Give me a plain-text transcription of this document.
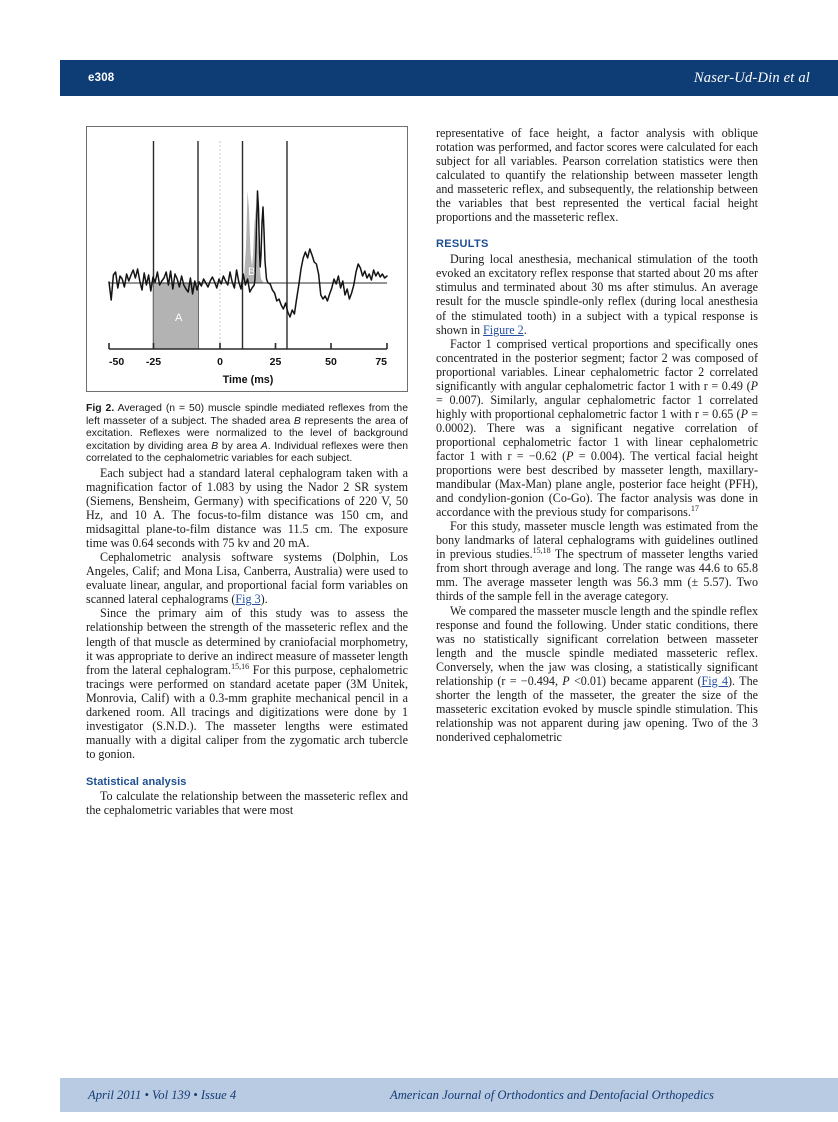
e308	Naser-Ud-Din et al
A
B
-50 -25	0	25	50	75
Time (ms)
Fig 2. Averaged (n = 50) muscle spindle mediated reflexes from the left masseter of a subject. The shaded area B represents the area of excitation. Reflexes were normalized to the level of background excitation by dividing area B by area A. Individual reflexes were then correlated to the cephalometric variables for each subject.

Each subject had a standard lateral cephalogram taken with a magnification factor of 1.083 by using the Nador 2 SR system (Siemens, Bensheim, Germany) with specifications of 220 V, 50 Hz, and 10 A. The focus-to-film distance was 150 cm, and midsagittal plane-to-film distance was 11.5 cm. The exposure time was 0.64 seconds with 75 kv and 20 mA.

Cephalometric analysis software systems (Dolphin, Los Angeles, Calif; and Mona Lisa, Canberra, Australia) were used to evaluate linear, angular, and proportional facial form variables on scanned lateral cephalograms (Fig 3).

Since the primary aim of this study was to assess the relationship between the strength of the masseteric reflex and the length of that muscle as determined by craniofacial morphometry, it was appropriate to derive an indirect measure of masseter length from the lateral cephalogram.$^{15,16}$ For this purpose, cephalometric tracings were performed on standard acetate paper (3M Unitek, Monrovia, Calif) with a 0.3-mm graphite mechanical pencil in a darkened room. All tracings and digitizations were done by 1 investigator (S.N.D.). The masseter lengths were estimated manually with a digital caliper from the zygomatic arch tubercle to gonion.

Statistical analysis

To calculate the relationship between the masseteric reflex and the cephalometric variables that were most

representative of face height, a factor analysis with oblique rotation was performed, and factor scores were calculated for each subject for all variables. Pearson correlation statistics were then calculated to quantify the relationship between masseter length and masseteric reflex, and subsequently, the relationship between the variables that best represented the vertical facial height proportions and the masseteric reflex.

RESULTS

During local anesthesia, mechanical stimulation of the tooth evoked an excitatory reflex response that started about 20 ms after stimulus and terminated about 30 ms after stimulus. An average result for the muscle spindle-only reflex (during local anesthesia of the stimulated tooth) in a subject with a typical response is shown in Figure 2.

Factor 1 comprised vertical proportions and specifically ones concentrated in the posterior segment; factor 2 was composed of proportional variables. Linear cephalometric factor 2 correlated significantly with angular cephalometric factor 1 with r = 0.49 (P = 0.007). Similarly, angular cephalometric factor 1 correlated highly with proportional cephalometric factor 1 with r = 0.65 (P = 0.0002). There was a significant negative correlation of proportional cephalometric factor 1 with linear cephalometric factor 1 with r = −0.62 (P = 0.004). The vertical facial height proportions were best described by masseter length, maxillary-mandibular (Max-Man) plane angle, posterior face height (PFH), and condylion-gonion (Co-Go). The factor analysis was done in accordance with the previous study for comparisons.$^{17}$

For this study, masseter muscle length was estimated from the bony landmarks of lateral cephalograms with guidelines outlined in previous studies.$^{15,18}$ The spectrum of masseter lengths varied from short through average and long. The range was 44.6 to 65.8 mm. The average masseter length was 56.3 mm (± 5.57). Two thirds of the sample fell in the average category.

We compared the masseter muscle length and the spindle reflex response and found the following. Under static conditions, there was no statistically significant correlation between masseter length and the muscle spindle mediated masseteric reflex. Conversely, when the jaw was closing, a statistically significant relationship (r = −0.494, P <0.01) became apparent (Fig 4). The shorter the length of the masseter, the greater the size of the masseteric excitation evoked by muscle spindle stimulation. This relationship was not apparent during jaw opening. Two of the 3 nonderived cephalometric

April 2011 • Vol 139 • Issue 4	American Journal of Orthodontics and Dentofacial Orthopedics
